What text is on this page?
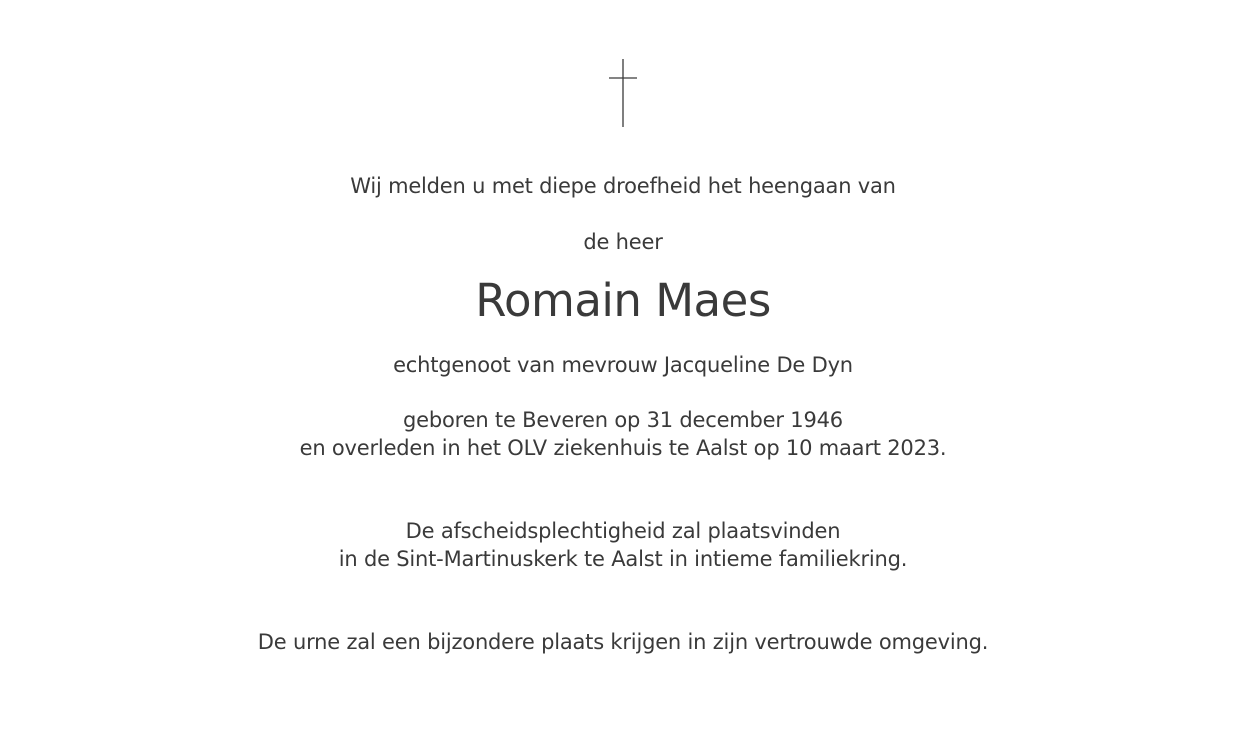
Wij melden u met diepe droefheid het heengaan van
de heer
Romain Maes
echtgenoot van mevrouw Jacqueline De Dyn
geboren te Beveren op 31 december 1946
en overleden in het OLV ziekenhuis te Aalst op 10 maart 2023.
De afscheidsplechtigheid zal plaatsvinden
in de Sint-Martinuskerk te Aalst in intieme familiekring.
De urne zal een bijzondere plaats krijgen in zijn vertrouwde omgeving.
